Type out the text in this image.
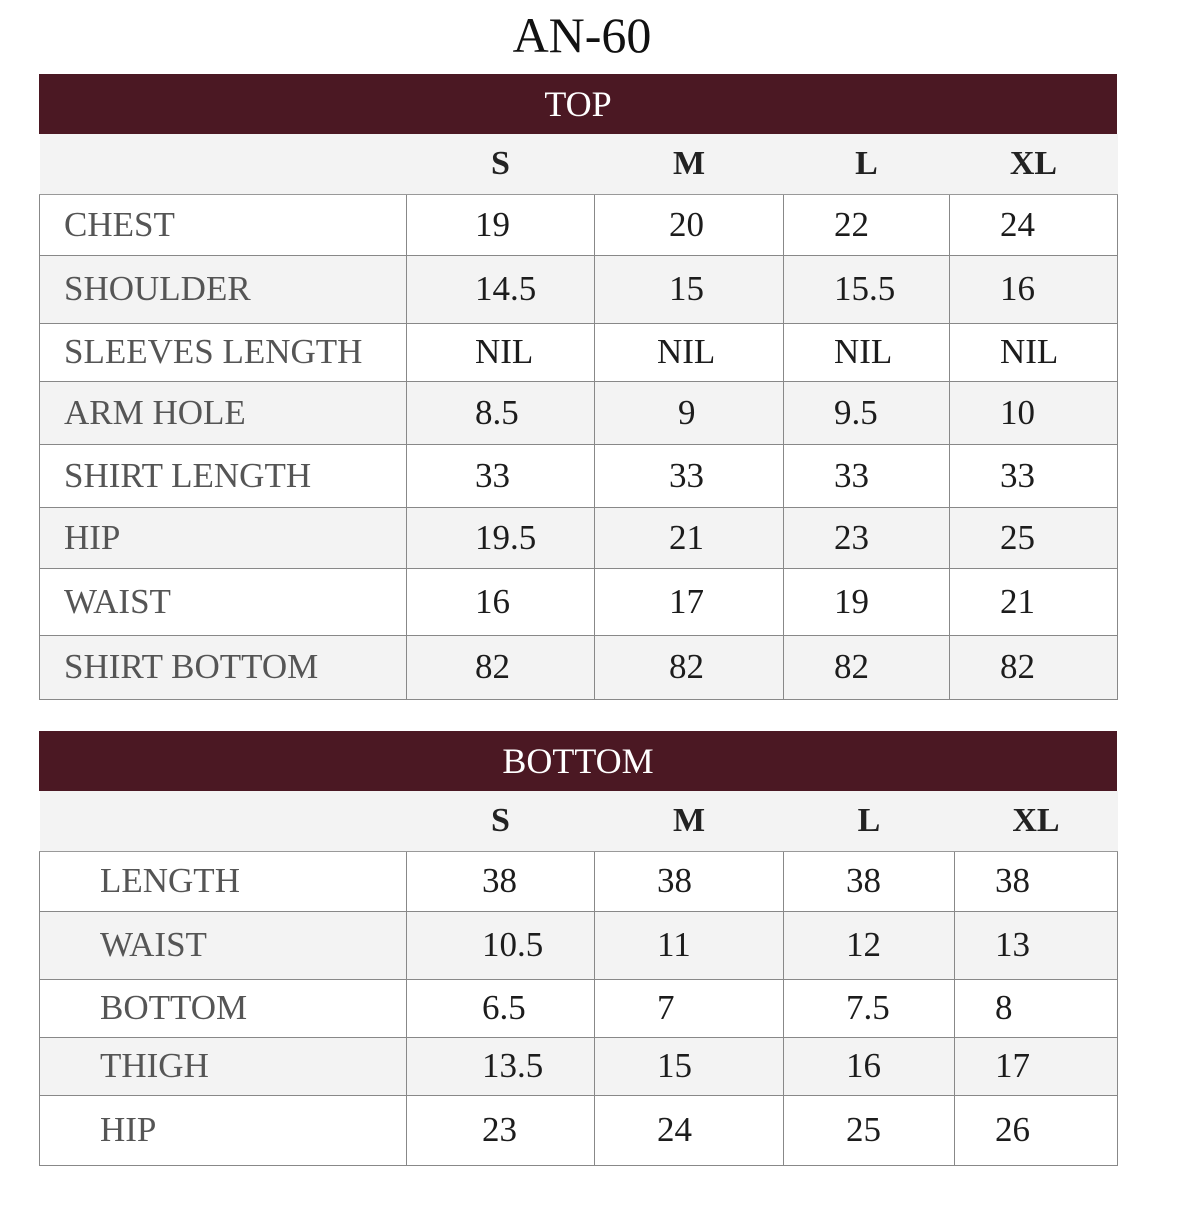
AN-60
TOP
	S	M	L	XL
CHEST	19	20	22	24
SHOULDER	14.5	15	15.5	16
SLEEVES LENGTH	NIL	NIL	NIL	NIL
ARM HOLE	8.5	9	9.5	10
SHIRT LENGTH	33	33	33	33
HIP	19.5	21	23	25
WAIST	16	17	19	21
SHIRT BOTTOM	82	82	82	82
BOTTOM
	S	M	L	XL
LENGTH	38	38	38	38
WAIST	10.5	11	12	13
BOTTOM	6.5	7	7.5	8
THIGH	13.5	15	16	17
HIP	23	24	25	26
